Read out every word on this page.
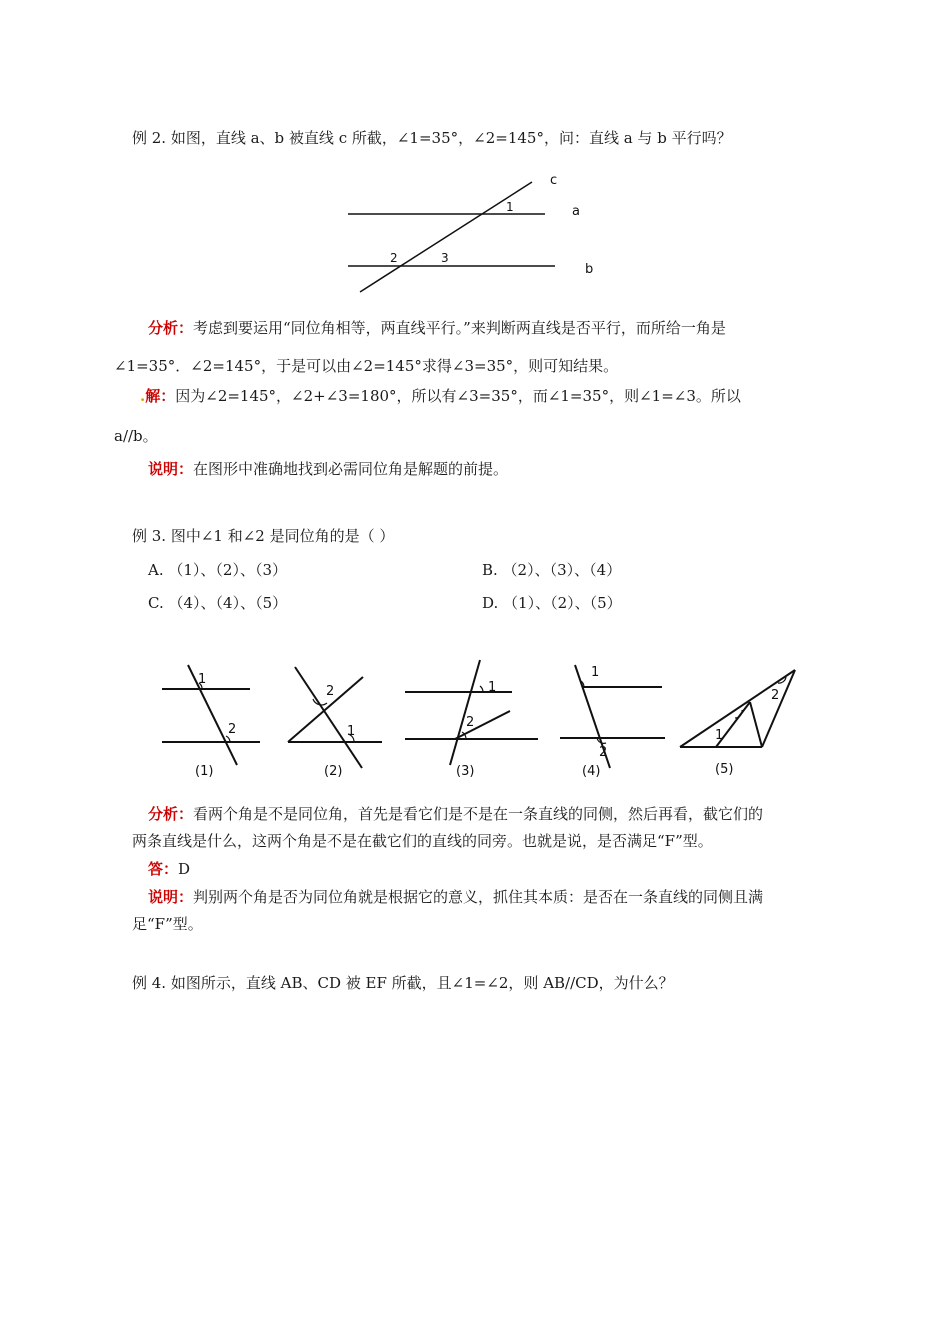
例 2. 如图，直线 a、b 被直线 c 所截，∠1=35°，∠2=145°，问：直线 a 与 b 平行吗？
c
a
b
1
2	3
分析：考虑到要运用“同位角相等，两直线平行。”来判断两直线是否平行，而所给一角是
∠1=35°．∠2=145°，于是可以由∠2=145°求得∠3=35°，则可知结果。
.解：因为∠2=145°，∠2+∠3=180°，所以有∠3=35°，而∠1=35°，则∠1=∠3。所以
a//b。
说明：在图形中准确地找到必需同位角是解题的前提。
例 3. 图中∠1 和∠2 是同位角的是（ ）
A. （1）、（2）、（3）	B. （2）、（3）、（4）
C. （4）、（4）、（5）	D. （1）、（2）、（5）
1
2
2
1
1
2
1
2
1
2
(1)	(2)	(3)	(4)	(5)
分析：看两个角是不是同位角，首先是看它们是不是在一条直线的同侧，然后再看，截它们的
两条直线是什么，这两个角是不是在截它们的直线的同旁。也就是说，是否满足“F”型。
答：D
说明：判别两个角是否为同位角就是根据它的意义，抓住其本质：是否在一条直线的同侧且满
足“F”型。
例 4. 如图所示，直线 AB、CD 被 EF 所截，且∠1=∠2，则 AB//CD，为什么？
